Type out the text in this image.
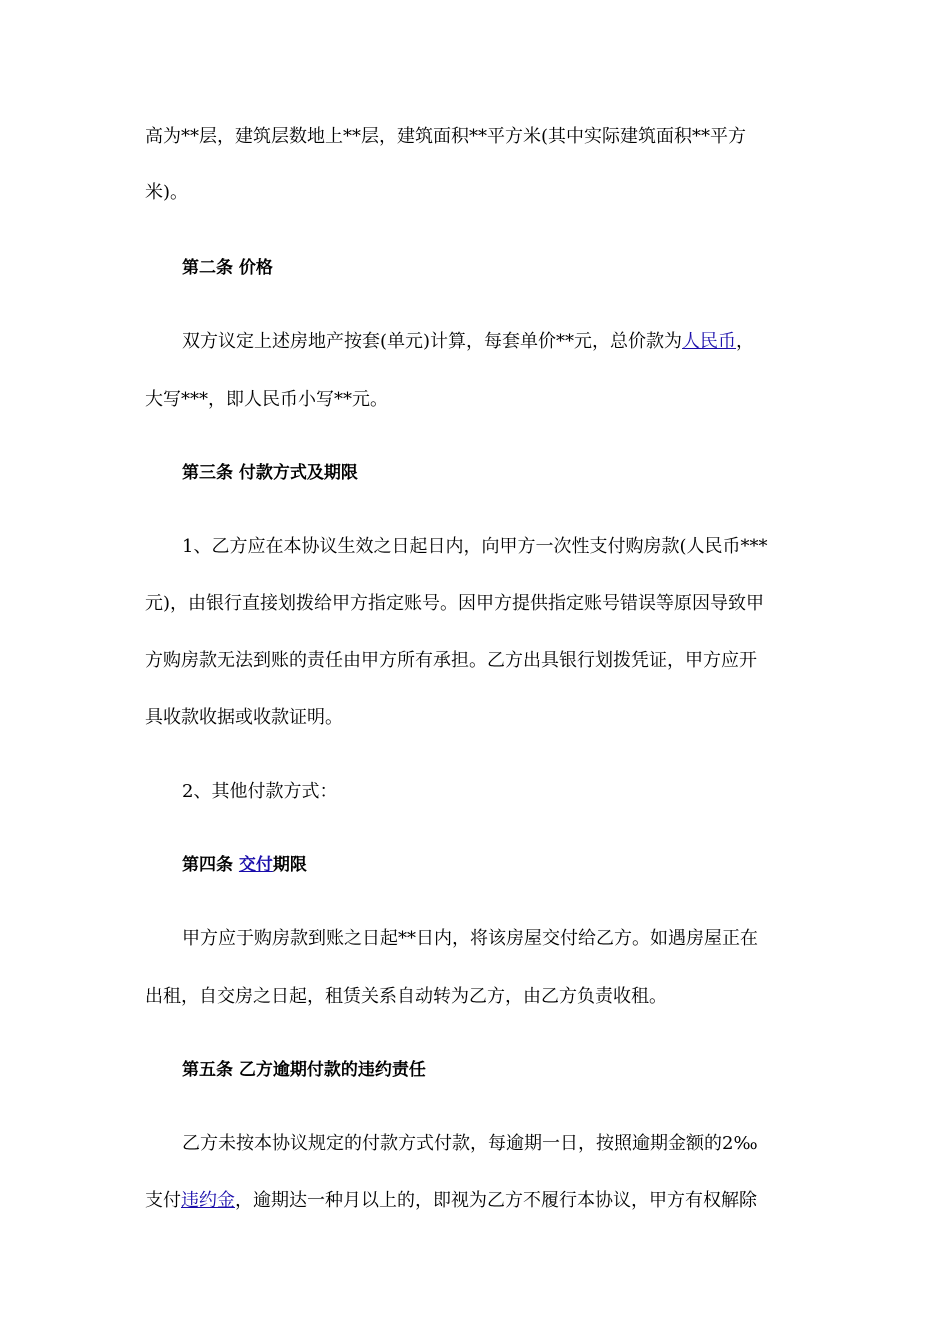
高为**层，建筑层数地上**层，建筑面积**平方米(其中实际建筑面积**平方
米)。
第二条 价格
双方议定上述房地产按套(单元)计算，每套单价**元，总价款为人民币，
大写***，即人民币小写**元。
第三条 付款方式及期限
1、乙方应在本协议生效之日起日内，向甲方一次性支付购房款(人民币***
元)，由银行直接划拨给甲方指定账号。因甲方提供指定账号错误等原因导致甲
方购房款无法到账的责任由甲方所有承担。乙方出具银行划拨凭证，甲方应开
具收款收据或收款证明。
2、其他付款方式：
第四条 交付期限
甲方应于购房款到账之日起**日内，将该房屋交付给乙方。如遇房屋正在
出租，自交房之日起，租赁关系自动转为乙方，由乙方负责收租。
第五条 乙方逾期付款的违约责任
乙方未按本协议规定的付款方式付款，每逾期一日，按照逾期金额的2‰
支付违约金，逾期达一种月以上的，即视为乙方不履行本协议，甲方有权解除
